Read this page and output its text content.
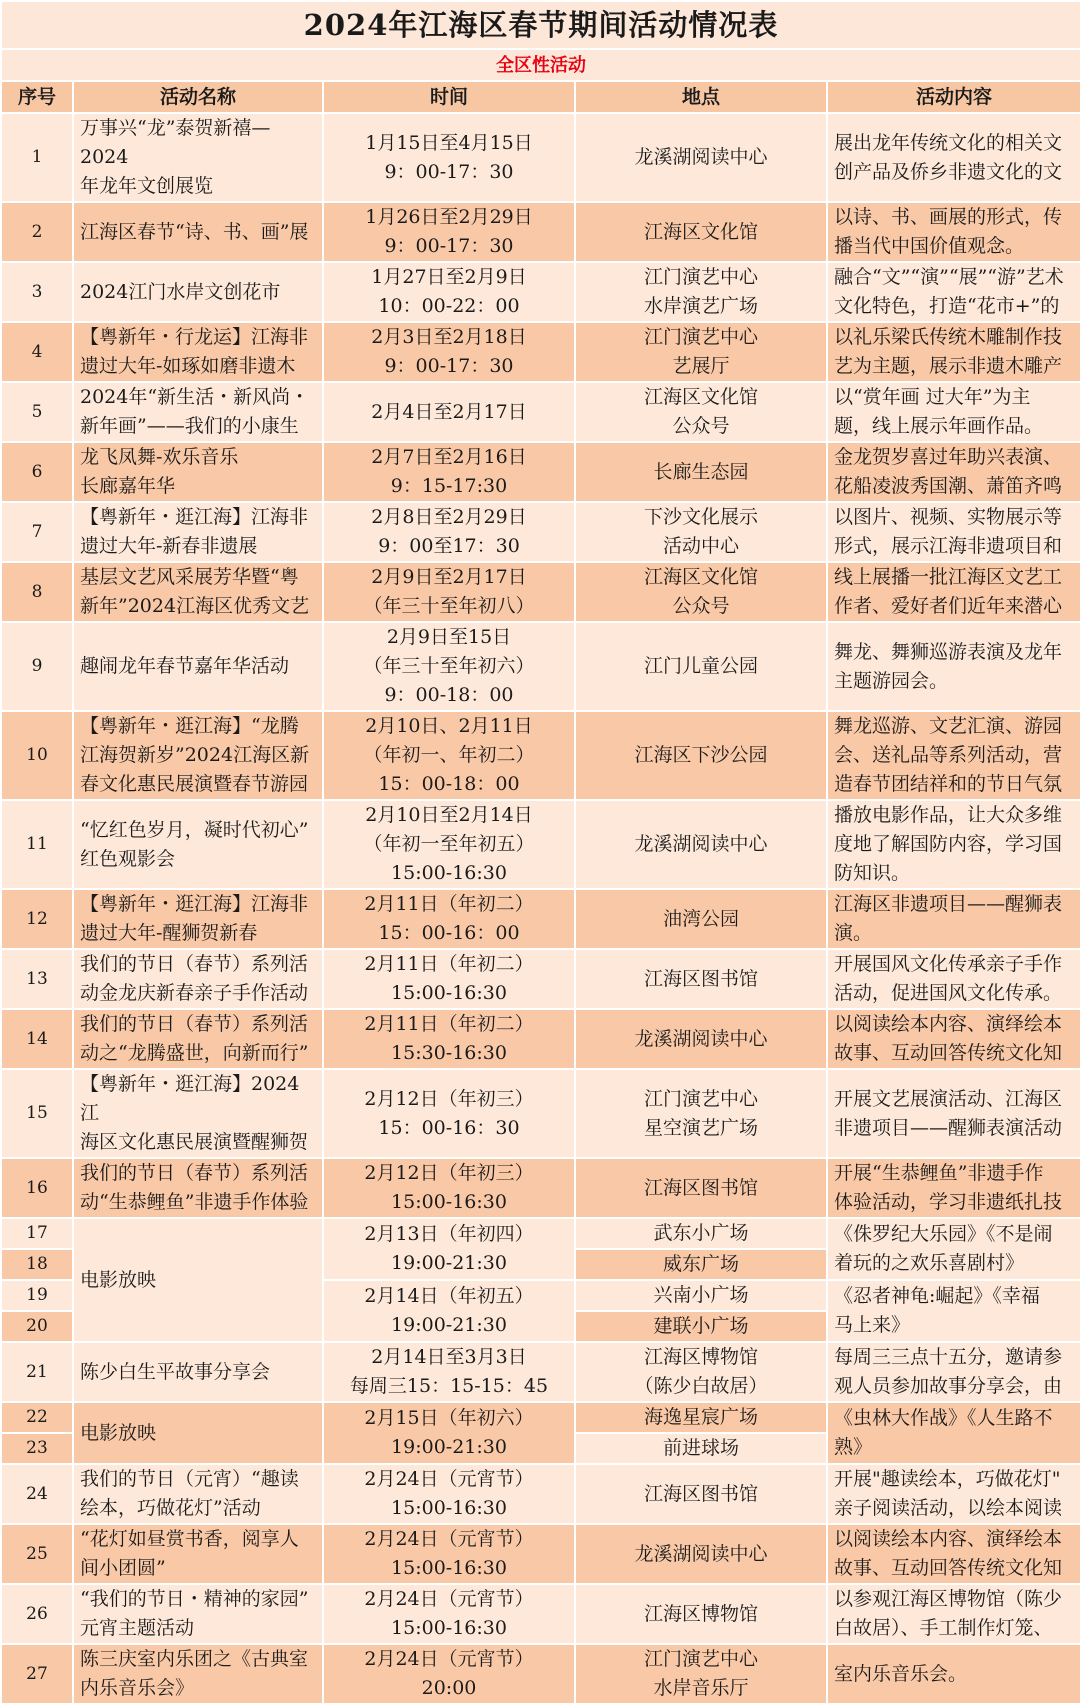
2024年江海区春节期间活动情况表				
全区性活动				
序号	活动名称	时间	地点	活动内容
1	万事兴“龙”泰贺新禧—2024
年龙年文创展览	1月15日至4月15日
9：00-17：30	龙溪湖阅读中心	展出龙年传统文化的相关文
创产品及侨乡非遗文化的文
2	江海区春节“诗、书、画”展	1月26日至2月29日
9：00-17：30	江海区文化馆	以诗、书、画展的形式，传
播当代中国价值观念。
3	2024江门水岸文创花市	1月27日至2月9日
10：00-22：00	江门演艺中心
水岸演艺广场	融合“文”“演”“展”“游”艺术
文化特色，打造“花市+”的
4	【粤新年・行龙运】江海非
遗过大年-如琢如磨非遗木	2月3日至2月18日
9：00-17：30	江门演艺中心
艺展厅	以礼乐梁氏传统木雕制作技
艺为主题，展示非遗木雕产
5	2024年“新生活・新风尚・
新年画”——我们的小康生	2月4日至2月17日	江海区文化馆
公众号	以“赏年画 过大年”为主
题，线上展示年画作品。
6	龙飞凤舞-欢乐音乐
长廊嘉年华	2月7日至2月16日
9：15-17:30	长廊生态园	金龙贺岁喜过年助兴表演、
花船凌波秀国潮、萧笛齐鸣
7	【粤新年・逛江海】江海非
遗过大年-新春非遗展	2月8日至2月29日
9：00至17：30	下沙文化展示
活动中心	以图片、视频、实物展示等
形式，展示江海非遗项目和
8	基层文艺风采展芳华暨“粤
新年”2024江海区优秀文艺	2月9日至2月17日
（年三十至年初八）	江海区文化馆
公众号	线上展播一批江海区文艺工
作者、爱好者们近年来潜心
9	趣闹龙年春节嘉年华活动	2月9日至15日
（年三十至年初六）
9：00-18：00	江门儿童公园	舞龙、舞狮巡游表演及龙年
主题游园会。
10	【粤新年・逛江海】“龙腾
江海贺新岁”2024江海区新
春文化惠民展演暨春节游园	2月10日、2月11日
（年初一、年初二）
15：00-18：00	江海区下沙公园	舞龙巡游、文艺汇演、游园
会、送礼品等系列活动，营
造春节团结祥和的节日气氛
11	“忆红色岁月，凝时代初心”
红色观影会	2月10日至2月14日
（年初一至年初五）
15:00-16:30	龙溪湖阅读中心	播放电影作品，让大众多维
度地了解国防内容，学习国
防知识。
12	【粤新年・逛江海】江海非
遗过大年-醒狮贺新春	2月11日（年初二）
15：00-16：00	油湾公园	江海区非遗项目——醒狮表
演。
13	我们的节日（春节）系列活
动金龙庆新春亲子手作活动	2月11日（年初二）
15:00-16:30	江海区图书馆	开展国风文化传承亲子手作
活动，促进国风文化传承。
14	我们的节日（春节）系列活
动之“龙腾盛世，向新而行”	2月11日（年初二）
15:30-16:30	龙溪湖阅读中心	以阅读绘本内容、演绎绘本
故事、互动回答传统文化知
15	【粤新年・逛江海】2024江
海区文化惠民展演暨醒狮贺	2月12日（年初三）
15：00-16：30	江门演艺中心
星空演艺广场	开展文艺展演活动、江海区
非遗项目——醒狮表演活动
16	我们的节日（春节）系列活
动“生恭鲤鱼”非遗手作体验	2月12日（年初三）
15:00-16:30	江海区图书馆	开展“生恭鲤鱼”非遗手作
体验活动，学习非遗纸扎技
17	电影放映	2月13日（年初四）
19:00-21:30	武东小广场	《侏罗纪大乐园》《不是闹
着玩的之欢乐喜剧村》
18			威东广场	
19		2月14日（年初五）
19:00-21:30	兴南小广场	《忍者神龟:崛起》《幸福
马上来》
20			建联小广场	
21	陈少白生平故事分享会	2月14日至3月3日
每周三15：15-15：45	江海区博物馆
（陈少白故居）	每周三三点十五分，邀请参
观人员参加故事分享会，由
22	电影放映	2月15日（年初六）
19:00-21:30	海逸星宸广场	《虫林大作战》《人生路不
熟》
23			前进球场	
24	我们的节日（元宵）“趣读
绘本，巧做花灯”活动	2月24日（元宵节）
15:00-16:30	江海区图书馆	开展"趣读绘本，巧做花灯"
亲子阅读活动，以绘本阅读
25	“花灯如昼赏书香，阅享人
间小团圆”	2月24日（元宵节）
15:00-16:30	龙溪湖阅读中心	以阅读绘本内容、演绎绘本
故事、互动回答传统文化知
26	“我们的节日・精神的家园”
元宵主题活动	2月24日（元宵节）
15:00-16:30	江海区博物馆	以参观江海区博物馆（陈少
白故居）、手工制作灯笼、
27	陈三庆室内乐团之《古典室
内乐音乐会》	2月24日（元宵节）
20:00	江门演艺中心
水岸音乐厅	室内乐音乐会。
